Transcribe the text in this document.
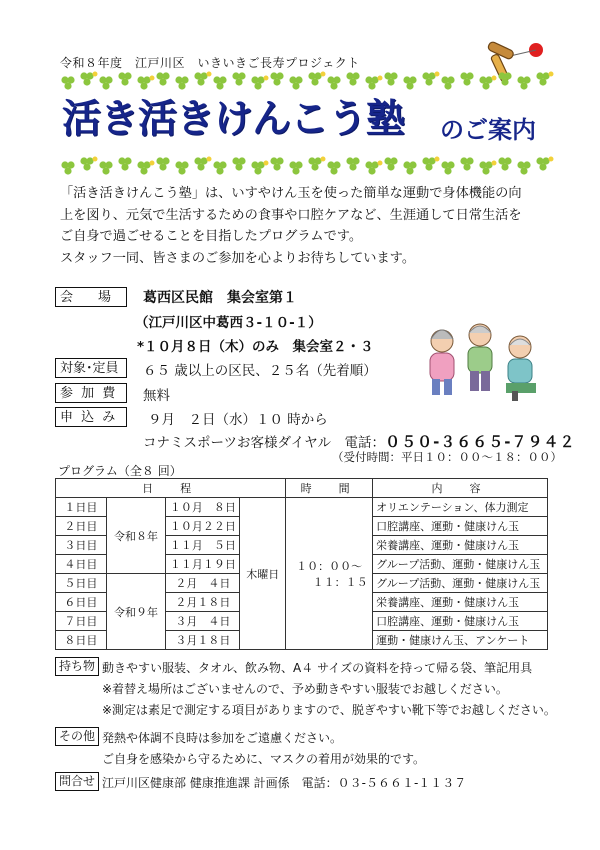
令和８年度　江戸川区　いきいきご長寿プロジェクト
活き活きけんこう塾 のご案内

「活き活きけんこう塾」は、いすやけん玉を使った簡単な運動で身体機能の向

上を図り、元気で生活するための食事や口腔ケアなど、生涯通して日常生活を

ご自身で過ごせることを目指したプログラムです。

スタッフ一同、皆さまのご参加を心よりお待ちしています。

会　場	葛西区民館　集会室第１
（江戸川区中葛西３-１０-１）
*１０月８日（木）のみ　集会室２・３
対象･定員	６５ 歳以上の区民、２５名（先着順）
参 加 費	無料
申 込 み	９月　２日（水）１０ 時から
コナミスポーツお客様ダイヤル　電話：０５０-３６６５-７９４２
（受付時間：平日１０：００～１８：００）
プログラム（全８ 回）
日　程				時　間	内　容
１日目	令和８年	１０月　８日	木曜日	１０：００～
１１：１５	オリエンテーション、体力測定
２日目		１０月２２日			口腔講座、運動・健康けん玉
３日目		１１月　５日			栄養講座、運動・健康けん玉
４日目		１１月１９日			グループ活動、運動・健康けん玉
５日目	令和９年	２月　４日			グループ活動、運動・健康けん玉
６日目		２月１８日			栄養講座、運動・健康けん玉
７日目		３月　４日			口腔講座、運動・健康けん玉
８日目		３月１８日			運動・健康けん玉、アンケート
持ち物 動きやすい服装、タオル、飲み物、A４ サイズの資料を持って帰る袋、筆記用具
※着替え場所はございませんので、予め動きやすい服装でお越しください。
※測定は素足で測定する項目がありますので、脱ぎやすい靴下等でお越しください。
その他 発熱や体調不良時は参加をご遠慮ください。
ご自身を感染から守るために、マスクの着用が効果的です。
問合せ 江戸川区健康部 健康推進課 計画係　電話：０３-５６６１-１１３７
